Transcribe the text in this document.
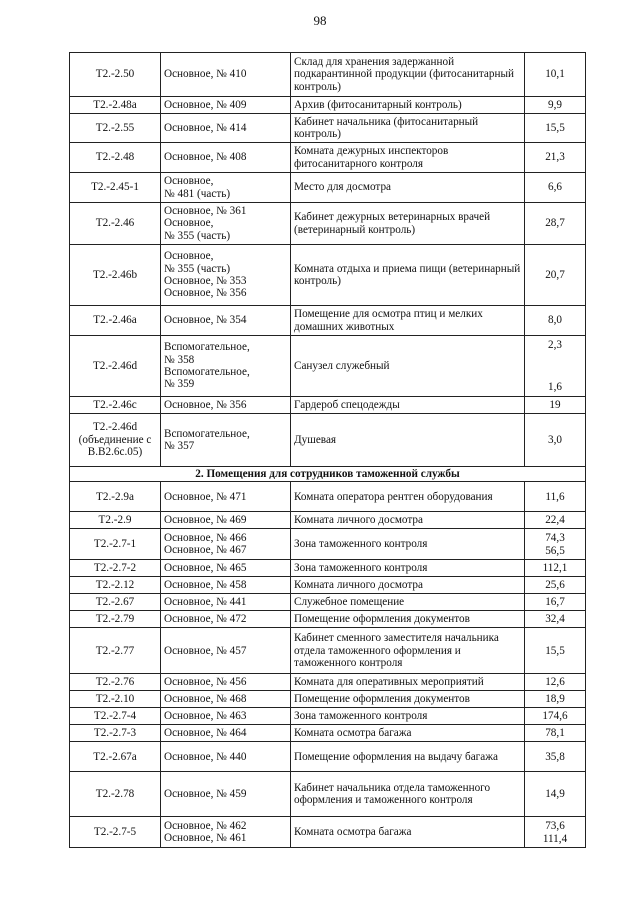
98
Т2.-2.50	Основное, № 410	Склад для хранения задержанной подкарантинной продукции (фитосанитарный контроль)	10,1
Т2.-2.48а	Основное, № 409	Архив (фитосанитарный контроль)	9,9
Т2.-2.55	Основное, № 414	Кабинет начальника (фитосанитарный контроль)	15,5
Т2.-2.48	Основное, № 408	Комната дежурных инспекторов фитосанитарного контроля	21,3
Т2.-2.45-1	Основное,
№ 481 (часть)	Место для досмотра	6,6
Т2.-2.46	Основное, № 361
Основное,
№ 355 (часть)	Кабинет дежурных ветеринарных врачей (ветеринарный контроль)	28,7
Т2.-2.46b	Основное,
№ 355 (часть)
Основное, № 353
Основное, № 356	Комната отдыха и приема пищи (ветеринарный контроль)	20,7
Т2.-2.46а	Основное, № 354	Помещение для осмотра птиц и мелких домашних животных	8,0
Т2.-2.46d	Вспомогательное,
№ 358
Вспомогательное,
№ 359	Санузел служебный	2,3
1,6

Т2.-2.46с	Основное, № 356	Гардероб спецодежды	19
Т2.-2.46d (объединение с В.В2.6с.05)	Вспомогательное,
№ 357	Душевая	3,0
2. Помещения для сотрудников таможенной службы			
Т2.-2.9а	Основное, № 471	Комната оператора рентген оборудования	11,6
Т2.-2.9	Основное, № 469	Комната личного досмотра	22,4
Т2.-2.7-1	Основное, № 466
Основное, № 467	Зона таможенного контроля	74,3
56,5

Т2.-2.7-2	Основное, № 465	Зона таможенного контроля	112,1
Т2.-2.12	Основное, № 458	Комната личного досмотра	25,6
Т2.-2.67	Основное, № 441	Служебное помещение	16,7
Т2.-2.79	Основное, № 472	Помещение оформления документов	32,4
Т2.-2.77	Основное, № 457	Кабинет сменного заместителя начальника отдела таможенного оформления и таможенного контроля	15,5
Т2.-2.76	Основное, № 456	Комната для оперативных мероприятий	12,6
Т2.-2.10	Основное, № 468	Помещение оформления документов	18,9
Т2.-2.7-4	Основное, № 463	Зона таможенного контроля	174,6
Т2.-2.7-3	Основное, № 464	Комната осмотра багажа	78,1
Т2.-2.67а	Основное, № 440	Помещение оформления на выдачу багажа	35,8
Т2.-2.78	Основное, № 459	Кабинет начальника отдела таможенного оформления и таможенного контроля	14,9
Т2.-2.7-5	Основное, № 462
Основное, № 461	Комната осмотра багажа	73,6
111,4
